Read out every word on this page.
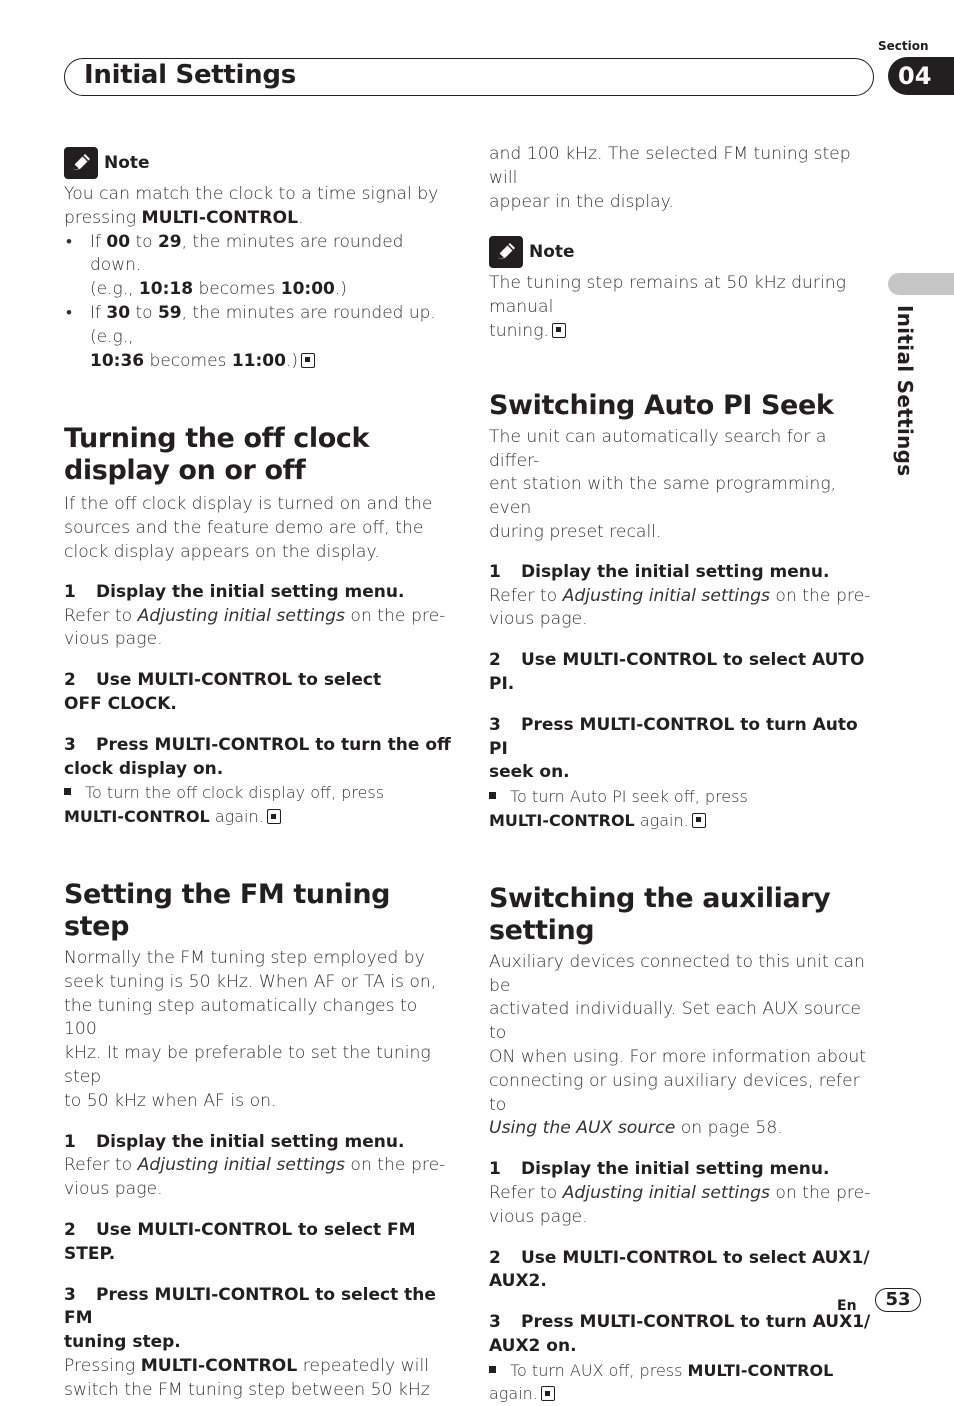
Initial Settings
Section
04
Initial Settings
Note

You can match the clock to a time signal by
pressing MULTI-CONTROL.

• If 00 to 29, the minutes are rounded down.
(e.g., 10:18 becomes 10:00.)

• If 30 to 59, the minutes are rounded up. (e.g.,
10:36 becomes 11:00.)

Turning the off clock
display on or off

If the off clock display is turned on and the
sources and the feature demo are off, the
clock display appears on the display.

1 Display the initial setting menu.

Refer to Adjusting initial settings on the pre-
vious page.

2 Use MULTI-CONTROL to select
OFF CLOCK.

3 Press MULTI-CONTROL to turn the off
clock display on.

To turn the off clock display off, press
MULTI-CONTROL again.

Setting the FM tuning step

Normally the FM tuning step employed by
seek tuning is 50 kHz. When AF or TA is on,
the tuning step automatically changes to 100
kHz. It may be preferable to set the tuning step
to 50 kHz when AF is on.

1 Display the initial setting menu.

Refer to Adjusting initial settings on the pre-
vious page.

2 Use MULTI-CONTROL to select FM STEP.

3 Press MULTI-CONTROL to select the FM
tuning step.

Pressing MULTI-CONTROL repeatedly will
switch the FM tuning step between 50 kHz

and 100 kHz. The selected FM tuning step will
appear in the display.

Note

The tuning step remains at 50 kHz during manual
tuning.

Switching Auto PI Seek

The unit can automatically search for a differ-
ent station with the same programming, even
during preset recall.

1 Display the initial setting menu.

Refer to Adjusting initial settings on the pre-
vious page.

2 Use MULTI-CONTROL to select AUTO PI.

3 Press MULTI-CONTROL to turn Auto PI
seek on.

To turn Auto PI seek off, press
MULTI-CONTROL again.

Switching the auxiliary setting

Auxiliary devices connected to this unit can be
activated individually. Set each AUX source to
ON when using. For more information about
connecting or using auxiliary devices, refer to
Using the AUX source on page 58.

1 Display the initial setting menu.

Refer to Adjusting initial settings on the pre-
vious page.

2 Use MULTI-CONTROL to select AUX1/
AUX2.

3 Press MULTI-CONTROL to turn AUX1/
AUX2 on.

To turn AUX off, press MULTI-CONTROL
again.

En	53
